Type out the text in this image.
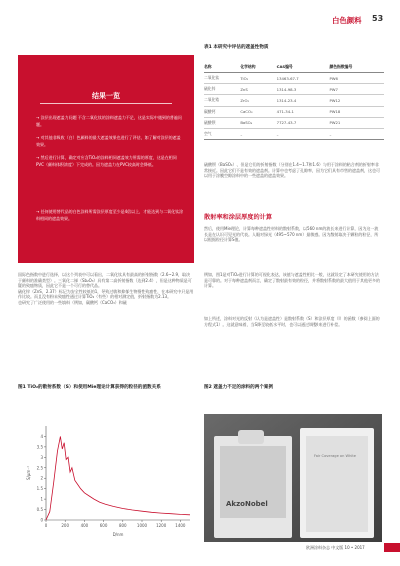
白色颜料 53
结果一览
→ 涂层出现遮盖力问题 不含二氧化钛的涂料遮盖力不足，这是实际中遇到的普遍问题。
→ 对其他非吸收（白）色颜料的最大遮盖效果也进行了评估，如了解对涂层的遮盖效果。
→ 然后进行计算，确定对应含TiO₂的涂料相同遮盖效力所需的厚度，这是在相同PVC（颜料体积浓度）下完成的。因为遮盖力在PVC较高时会降低。
→ 任何使用替代品的白色涂料所需涂层厚度至少是4倍以上，才能达到与二氧化钛涂料相同的遮盖效果。
表1 本研究中评估的遮盖性物质
名称	化学结构	CAS编号	颜色指数编号
二氧化钛	TiO₂	13463-67-7	PW6
硫化锌	ZnS	1314-98-3	PW7
二氧化锆	ZrO₂	1314-23-4	PW12
碳酸钙	CaCO₃	471-34-1	PW18
硫酸钡	BaSO₄	7727-43-7	PW21
空气	–	–	–
硫酸钡（BaSO₄）、但是它们的折射指数（分别在1.4~1.7和1.6）与用于涂料的粘合剂的折射率非常接近。因此它们不是有效的遮盖剂。计算中也考虑了孔隙率，因为它们具有市售的遮盖剂，这也可以用于涂膜空隙涂料中的一些遮盖的遮盖效果。
散射率和涂层厚度的计算
然后，使用Mie理论，计算每种遮盖性材料的散射系数，以560 nm的波长来进行计算，因为这一波长是在认识可见光的代表。人眼对绿光（495~570 nm）最敏感。因为散射取决于颗粒的粒径，所以根据粒径计算S值。
例如，图1是对TiO₂进行计算的可视化表达，该值与遮盖性相比一般，这就设定了本研究使用的方法是可靠的。对于每种遮盖剂而言，确定了散射最有效的粒径，并将散射系数的最大值用于其他更多的计算。
如上所述，涂料对光的反射（认为是遮盖性）是散射系数（S）和涂层厚度（l）的函数（参阅上面的方程式1）。这就意味着，当S降至较低水平时，也可以通过调整l来进行补偿。
国际色指数中进行选择，以这个列表中可以看出，二氧化钛具有最高的折射指数（2.6~2.9，取决于颜料的准确类型）。三氧化二锑（Sb₂O₃）具有第二高折射指数（达到2.4），但是这种物质是可疑的致癌物质，因此它不是一个可行的替代品。
硫化锌（ZnS，2.37）标记为安全性较低的1，导致过敏和抑郁生物慢性致癌性，在本研究中只是用作比较。而且没有粉末致癌性通过计算TiO₂（有些）的相对测定值，折射指数为2.13。
也研究了广泛使用的一些填料（例如，碳酸钙（CaCO₃）和硫
图1 TiO₂的散射系数（S）和使用Mie理论计算获得的粒径的函数关系	图2 遮盖力不足的涂料的两个案例
0
0.5
1
1.5
2
2.5
3
3.5
4
0	200	400	600	800	1000 1200 1400
D/nm
S/μm⁻¹
AkzoNobel
Fair Coverage on White
欧洲涂料杂志 中文版 10 • 2017
